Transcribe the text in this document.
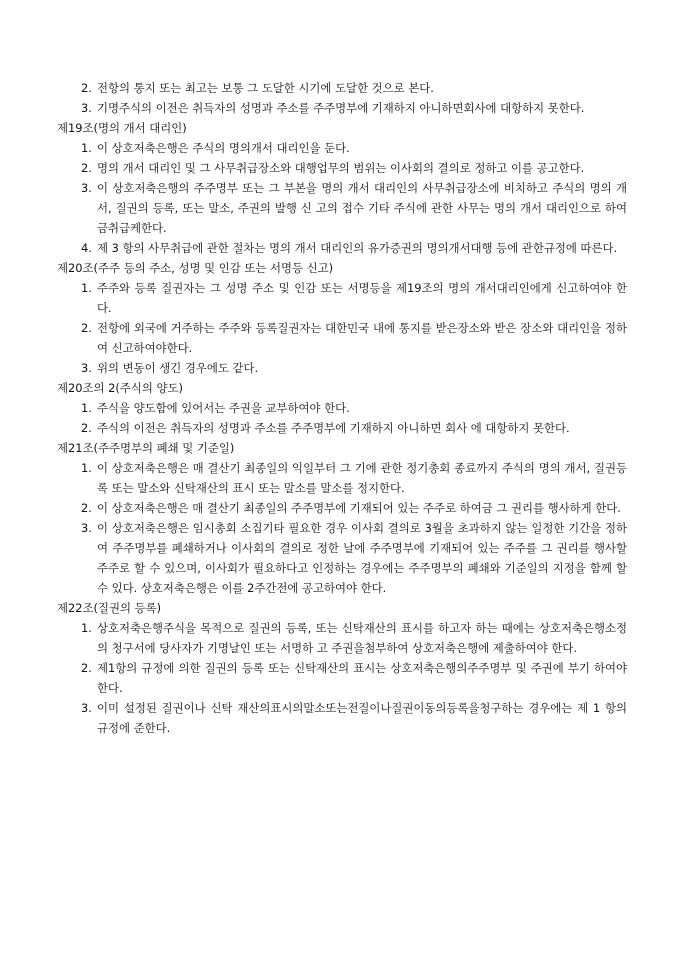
2. 전항의 통지 또는 최고는 보통 그 도달한 시기에 도달한 것으로 본다.
3. 기명주식의 이전은 취득자의 성명과 주소를 주주명부에 기재하지 아니하면회사에 대항하지 못한다.
제19조(명의 개서 대리인)
1. 이 상호저축은행은 주식의 명의개서 대리인을 둔다.
2. 명의 개서 대리인 및 그 사무취급장소와 대행업무의 범위는 이사회의 결의로 정하고 이를 공고한다.
3. 이 상호저축은행의 주주명부 또는 그 부본을 명의 개서 대리인의 사무취급장소에 비치하고 주식의 명의 개서, 질권의 등록, 또는 말소, 주권의 발행 신 고의 접수 기타 주식에 관한 사무는 명의 개서 대리인으로 하여금취급케한다.
4. 제 3 항의 사무취급에 관한 절차는 명의 개서 대리인의 유가증권의 명의개서대행 등에 관한규정에 따른다.
제20조(주주 등의 주소, 성명 및 인감 또는 서명등 신고)
1. 주주와 등록 질권자는 그 성명 주소 및 인감 또는 서명등을 제19조의 명의 개서대리인에게 신고하여야 한다.
2. 전항에 외국에 거주하는 주주와 등록질권자는 대한민국 내에 통지를 받은장소와 받은 장소와 대리인을 정하여 신고하여야한다.
3. 위의 변동이 생긴 경우에도 같다.
제20조의 2(주식의 양도)
1. 주식을 양도함에 있어서는 주권을 교부하여야 한다.
2. 주식의 이전은 취득자의 성명과 주소를 주주명부에 기재하지 아니하면 회사 에 대항하지 못한다.
제21조(주주명부의 폐쇄 및 기준일)
1. 이 상호저축은행은 매 결산기 최종일의 익일부터 그 기에 관한 정기총회 종료까지 주식의 명의 개서, 질권등록 또는 말소와 신탁재산의 표시 또는 말소를 말소를 정지한다.
2. 이 상호저축은행은 매 결산기 최종일의 주주명부에 기재되어 있는 주주로 하여금 그 권리를 행사하게 한다.
3. 이 상호저축은행은 임시총회 소집기타 필요한 경우 이사회 결의로 3월을 초과하지 않는 일정한 기간을 정하여 주주명부를 폐쇄하거나 이사회의 결의로 정한 날에 주주명부에 기재되어 있는 주주를 그 권리를 행사할 주주로 할 수 있으며, 이사회가 필요하다고 인정하는 경우에는 주주명부의 폐쇄와 기준일의 지정을 함께 할 수 있다. 상호저축은행은 이를 2주간전에 공고하여야 한다.
제22조(질권의 등록)
1. 상호저축은행주식을 목적으로 질권의 등록, 또는 신탁재산의 표시를 하고자 하는 때에는 상호저축은행소정의 청구서에 당사자가 기명날인 또는 서명하 고 주권을첨부하여 상호저축은행에 제출하여야 한다.
2. 제1항의 규정에 의한 질권의 등록 또는 신탁재산의 표시는 상호저축은행의주주명부 및 주권에 부기 하여야 한다.
3. 이미 설정된 질권이나 신탁 재산의표시의말소또는전질이나질권이동의등록을청구하는 경우에는 제 1 항의 규정에 준한다.
